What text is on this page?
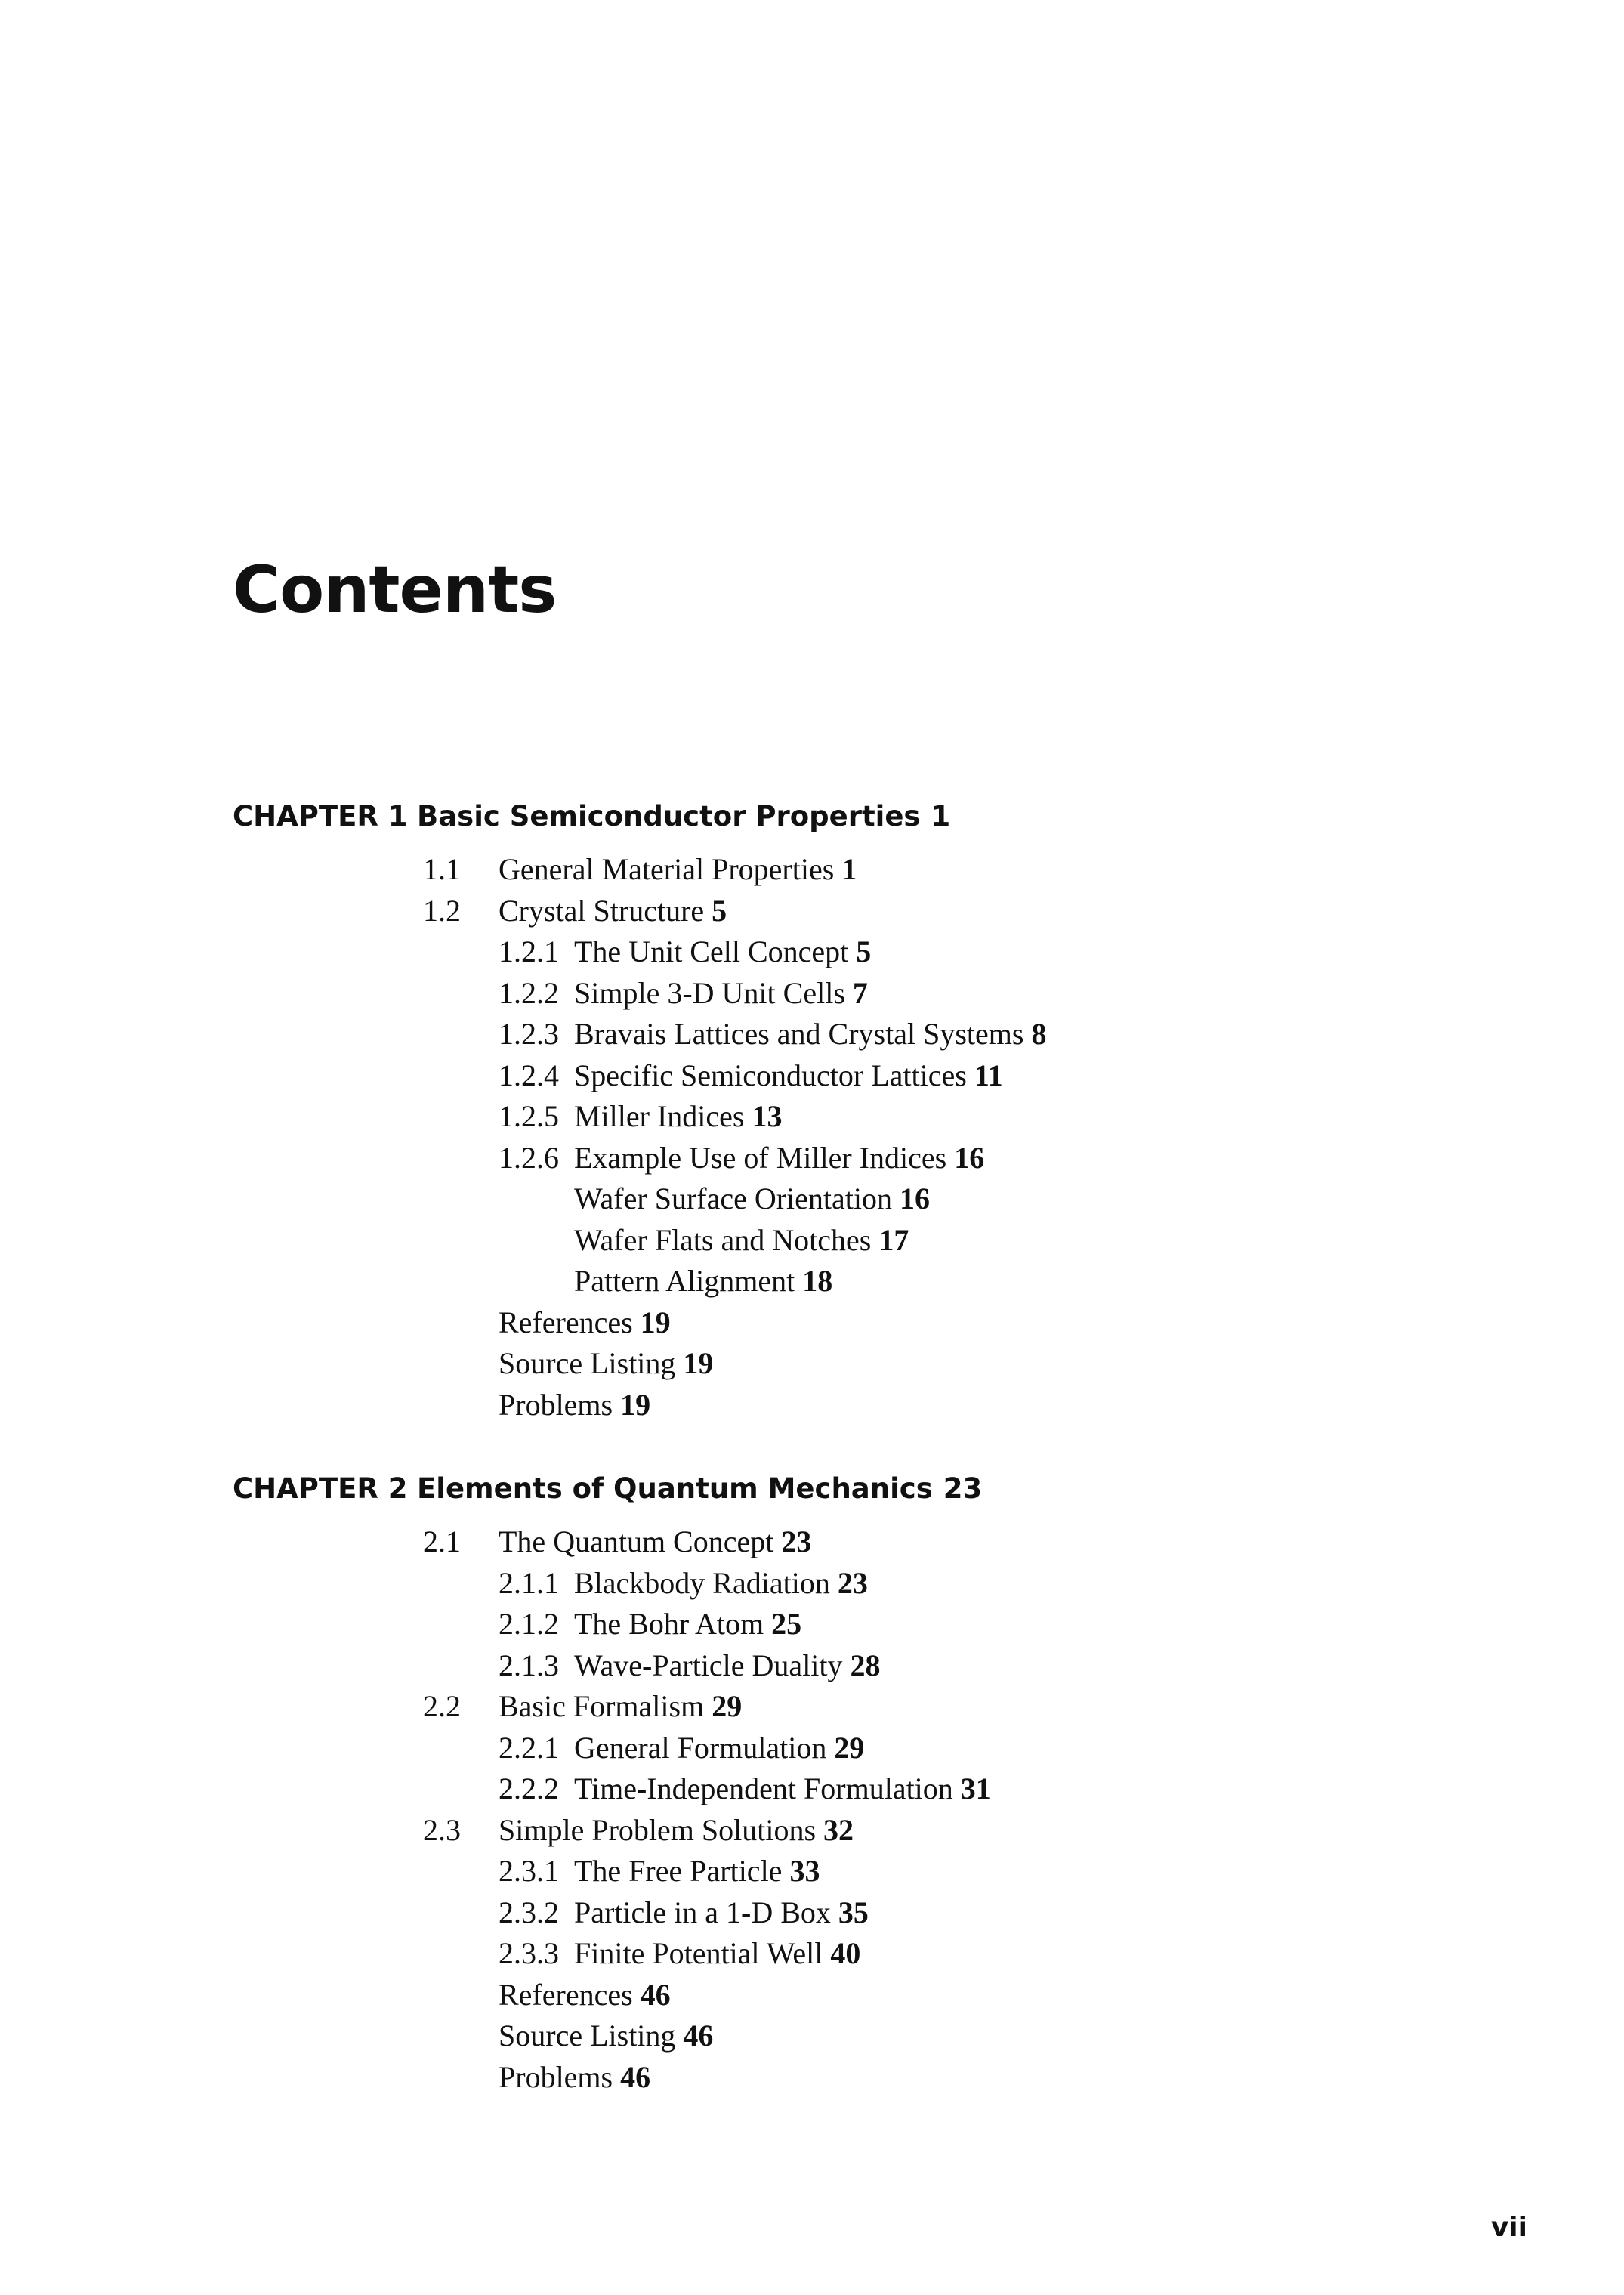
Contents
CHAPTER 1 Basic Semiconductor Properties 1
1.1 General Material Properties 1
1.2 Crystal Structure 5
1.2.1 The Unit Cell Concept 5
1.2.2 Simple 3-D Unit Cells 7
1.2.3 Bravais Lattices and Crystal Systems 8
1.2.4 Specific Semiconductor Lattices 11
1.2.5 Miller Indices 13
1.2.6 Example Use of Miller Indices 16
Wafer Surface Orientation 16
Wafer Flats and Notches 17
Pattern Alignment 18
References 19
Source Listing 19
Problems 19
CHAPTER 2 Elements of Quantum Mechanics 23
2.1 The Quantum Concept 23
2.1.1 Blackbody Radiation 23
2.1.2 The Bohr Atom 25
2.1.3 Wave-Particle Duality 28
2.2 Basic Formalism 29
2.2.1 General Formulation 29
2.2.2 Time-Independent Formulation 31
2.3 Simple Problem Solutions 32
2.3.1 The Free Particle 33
2.3.2 Particle in a 1-D Box 35
2.3.3 Finite Potential Well 40
References 46
Source Listing 46
Problems 46
vii
